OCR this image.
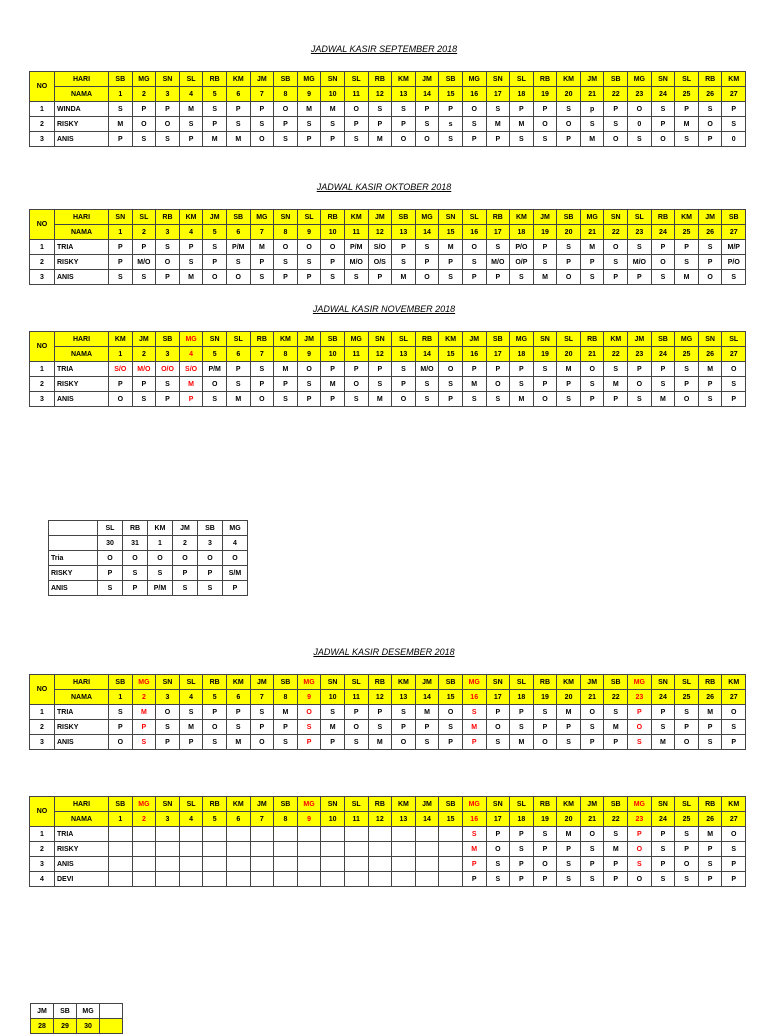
JADWAL KASIR SEPTEMBER 2018
NO	HARI	SB	MG	SN	SL	RB	KM	JM	SB	MG	SN	SL	RB	KM	JM	SB	MG	SN	SL	RB	KM	JM	SB	MG	SN	SL	RB	KM
	NAMA	1	2	3	4	5	6	7	8	9	10	11	12	13	14	15	16	17	18	19	20	21	22	23	24	25	26	27
1	WINDA	S	P	P	M	S	P	P	O	M	M	O	S	S	P	P	O	S	P	P	S	p	P	O	S	P	S	P
2	RISKY	M	O	O	S	P	S	S	P	S	S	P	P	P	S	s	S	M	M	O	O	S	S	0	P	M	O	S
3	ANIS	P	S	S	P	M	M	O	S	P	P	S	M	O	O	S	P	P	S	S	P	M	O	S	O	S	P	0
JADWAL KASIR OKTOBER 2018
NO	HARI	SN	SL	RB	KM	JM	SB	MG	SN	SL	RB	KM	JM	SB	MG	SN	SL	RB	KM	JM	SB	MG	SN	SL	RB	KM	JM	SB
	NAMA	1	2	3	4	5	6	7	8	9	10	11	12	13	14	15	16	17	18	19	20	21	22	23	24	25	26	27
1	TRIA	P	P	S	P	S	P/M	M	O	O	O	P/M	S/O	P	S	M	O	S	P/O	P	S	M	O	S	P	P	S	M/P
2	RISKY	P	M/O	O	S	P	S	P	S	S	P	M/O	O/S	S	P	P	S	M/O	O/P	S	P	P	S	M/O	O	S	P	P/O
3	ANIS	S	S	P	M	O	O	S	P	P	S	S	P	M	O	S	P	P	S	M	O	S	P	P	S	M	O	S
JADWAL KASIR NOVEMBER 2018
NO	HARI	KM	JM	SB	MG	SN	SL	RB	KM	JM	SB	MG	SN	SL	RB	KM	JM	SB	MG	SN	SL	RB	KM	JM	SB	MG	SN	SL
	NAMA	1	2	3	4	5	6	7	8	9	10	11	12	13	14	15	16	17	18	19	20	21	22	23	24	25	26	27
1	TRIA	S/O	M/O	O/O	S/O	P/M	P	S	M	O	P	P	P	S	M/O	O	P	P	P	S	M	O	S	P	P	S	M	O
2	RISKY	P	P	S	M	O	S	P	P	S	M	O	S	P	S	S	M	O	S	P	P	S	M	O	S	P	P	S
3	ANIS	O	S	P	P	S	M	O	S	P	P	S	M	O	S	P	S	S	M	O	S	P	P	S	M	O	S	P
JADWAL KASIR DESEMBER 2018
NO	HARI	SB	MG	SN	SL	RB	KM	JM	SB	MG	SN	SL	RB	KM	JM	SB	MG	SN	SL	RB	KM	JM	SB	MG	SN	SL	RB	KM
	NAMA	1	2	3	4	5	6	7	8	9	10	11	12	13	14	15	16	17	18	19	20	21	22	23	24	25	26	27
1	TRIA	S	M	O	S	P	P	S	M	O	S	P	P	S	M	O	S	P	P	S	M	O	S	P	P	S	M	O
2	RISKY	P	P	S	M	O	S	P	P	S	M	O	S	P	P	S	M	O	S	P	P	S	M	O	S	P	P	S
3	ANIS	O	S	P	P	S	M	O	S	P	P	S	M	O	S	P	P	S	M	O	S	P	P	S	M	O	S	P
NO	HARI	SB	MG	SN	SL	RB	KM	JM	SB	MG	SN	SL	RB	KM	JM	SB	MG	SN	SL	RB	KM	JM	SB	MG	SN	SL	RB	KM
	NAMA	1	2	3	4	5	6	7	8	9	10	11	12	13	14	15	16	17	18	19	20	21	22	23	24	25	26	27
1	TRIA																S	P	P	S	M	O	S	P	P	S	M	O
2	RISKY																M	O	S	P	P	S	M	O	S	P	P	S
3	ANIS																P	S	P	O	S	P	P	S	P	O	S	P
4	DEVI																P	S	P	P	S	S	P	O	S	S	P	P
	SL	RB	KM	JM	SB	MG
	30	31	1	2	3	4
Tria	O	O	O	O	O	O
RISKY	P	S	S	P	P	S/M
ANIS	S	P	P/M	S	S	P
JM	SB	MG	
28	29	30	
